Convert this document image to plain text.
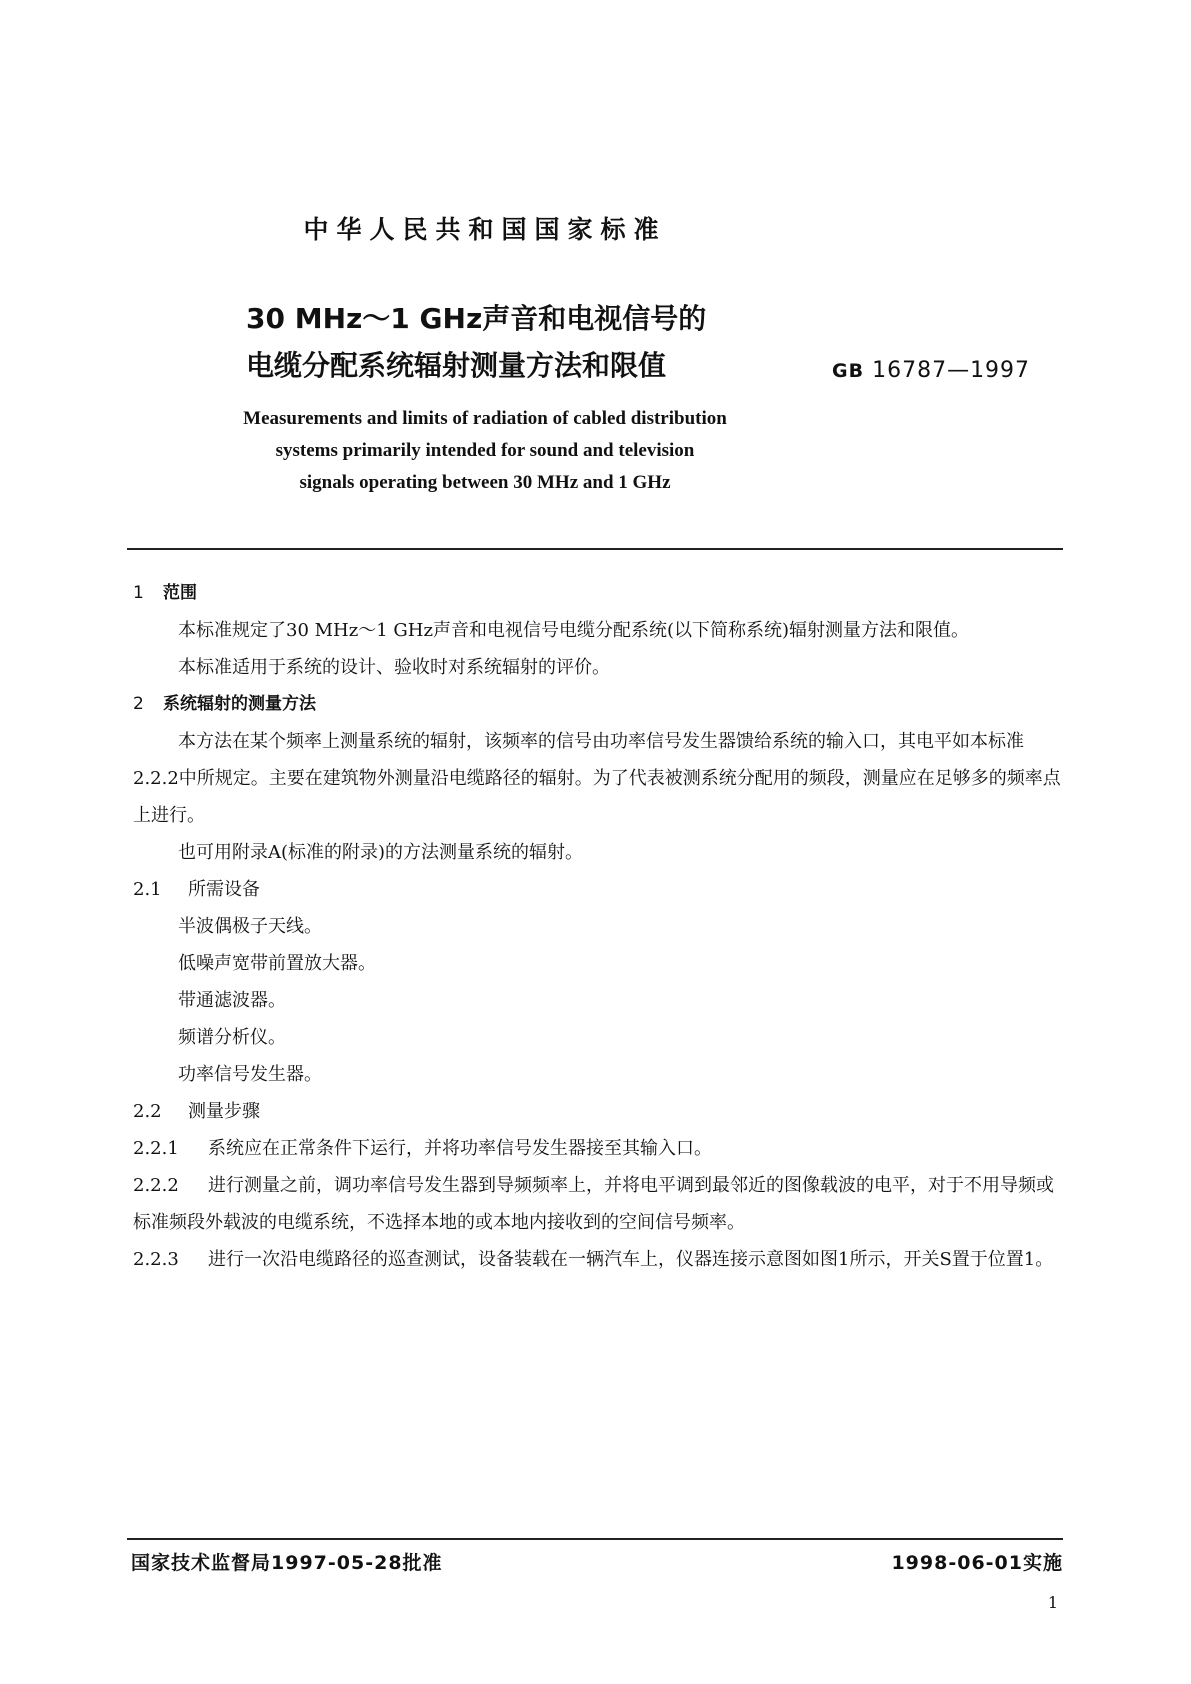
中华人民共和国国家标准
30 MHz～1 GHz声音和电视信号的
电缆分配系统辐射测量方法和限值	GB 16787—1997
Measurements and limits of radiation of cabled distribution
systems primarily intended for sound and television
signals operating between 30 MHz and 1 GHz
1 范围

本标准规定了30 MHz～1 GHz声音和电视信号电缆分配系统(以下简称系统)辐射测量方法和限值。

本标准适用于系统的设计、验收时对系统辐射的评价。

2 系统辐射的测量方法

本方法在某个频率上测量系统的辐射，该频率的信号由功率信号发生器馈给系统的输入口，其电平如本标准2.2.2中所规定。主要在建筑物外测量沿电缆路径的辐射。为了代表被测系统分配用的频段，测量应在足够多的频率点上进行。

也可用附录A(标准的附录)的方法测量系统的辐射。

2.1 所需设备
半波偶极子天线。
低噪声宽带前置放大器。
带通滤波器。
频谱分析仪。
功率信号发生器。
2.2 测量步骤
2.2.1 系统应在正常条件下运行，并将功率信号发生器接至其输入口。
2.2.2 进行测量之前，调功率信号发生器到导频频率上，并将电平调到最邻近的图像载波的电平，对于不用导频或标准频段外载波的电缆系统，不选择本地的或本地内接收到的空间信号频率。
2.2.3 进行一次沿电缆路径的巡查测试，设备装载在一辆汽车上，仪器连接示意图如图1所示，开关S置于位置1。
国家技术监督局1997-05-28批准	1998-06-01实施
1
